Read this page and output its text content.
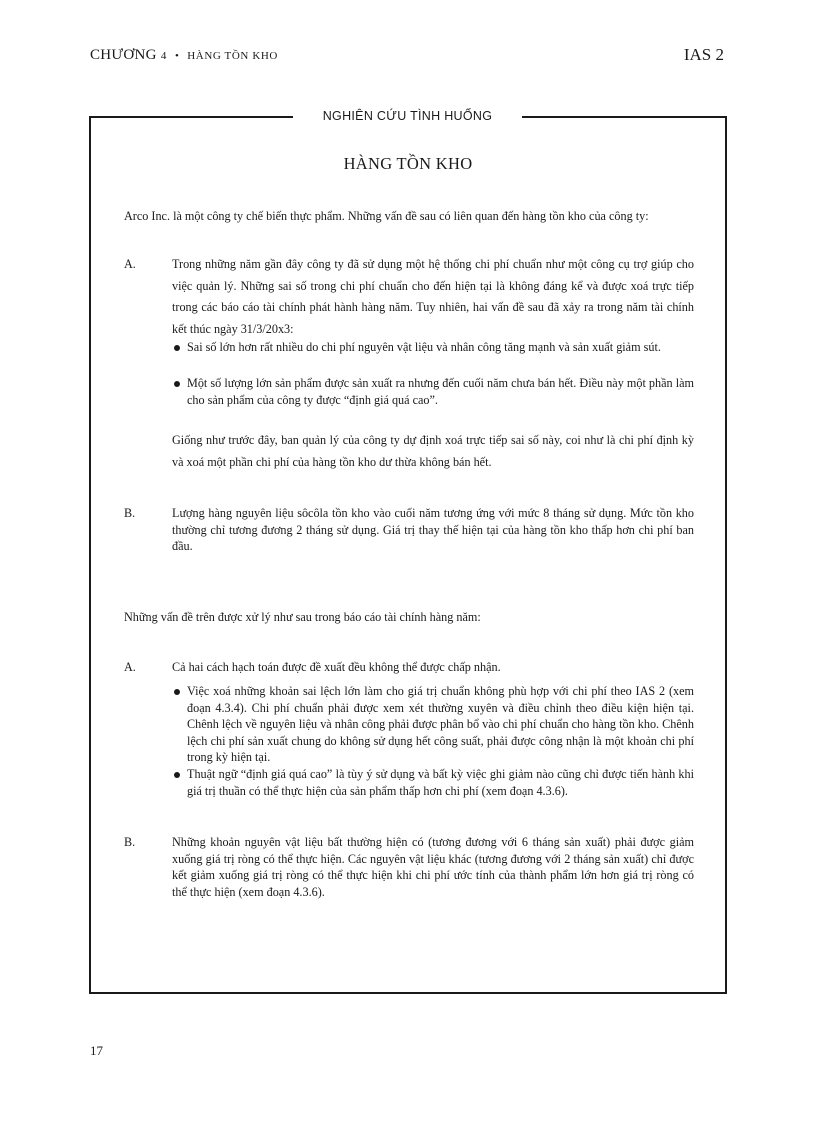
CHƯƠNG 4 • HÀNG TỒN KHO	IAS 2
NGHIÊN CỨU TÌNH HUỐNG
HÀNG TỒN KHO
Arco Inc. là một công ty chế biến thực phẩm. Những vấn đề sau có liên quan đến hàng tồn kho của công ty:
A.	Trong những năm gần đây công ty đã sử dụng một hệ thống chi phí chuẩn như một công cụ trợ giúp cho việc quản lý. Những sai số trong chi phí chuẩn cho đến hiện tại là không đáng kể và được xoá trực tiếp trong các báo cáo tài chính phát hành hàng năm. Tuy nhiên, hai vấn đề sau đã xảy ra trong năm tài chính kết thúc ngày 31/3/20x3:
Sai số lớn hơn rất nhiều do chi phí nguyên vật liệu và nhân công tăng mạnh và sản xuất giảm sút.
Một số lượng lớn sản phẩm được sản xuất ra nhưng đến cuối năm chưa bán hết. Điều này một phần làm cho sản phẩm của công ty được “định giá quá cao”.
Giống như trước đây, ban quản lý của công ty dự định xoá trực tiếp sai số này, coi như là chi phí định kỳ và xoá một phần chi phí của hàng tồn kho dư thừa không bán hết.
B.	Lượng hàng nguyên liệu sôcôla tồn kho vào cuối năm tương ứng với mức 8 tháng sử dụng. Mức tồn kho thường chỉ tương đương 2 tháng sử dụng. Giá trị thay thế hiện tại của hàng tồn kho thấp hơn chi phí ban đầu.
Những vấn đề trên được xử lý như sau trong báo cáo tài chính hàng năm:
A.	Cả hai cách hạch toán được đề xuất đều không thể được chấp nhận.
Việc xoá những khoản sai lệch lớn làm cho giá trị chuẩn không phù hợp với chi phí theo IAS 2 (xem đoạn 4.3.4). Chi phí chuẩn phải được xem xét thường xuyên và điều chỉnh theo điều kiện hiện tại. Chênh lệch về nguyên liệu và nhân công phải được phân bổ vào chi phí chuẩn cho hàng tồn kho. Chênh lệch chi phí sản xuất chung do không sử dụng hết công suất, phải được công nhận là một khoản chi phí trong kỳ hiện tại.
Thuật ngữ “định giá quá cao” là tùy ý sử dụng và bất kỳ việc ghi giảm nào cũng chỉ được tiến hành khi giá trị thuần có thể thực hiện của sản phẩm thấp hơn chi phí (xem đoạn 4.3.6).
B.	Những khoản nguyên vật liệu bất thường hiện có (tương đương với 6 tháng sản xuất) phải được giảm xuống giá trị ròng có thể thực hiện. Các nguyên vật liệu khác (tương đương với 2 tháng sản xuất) chỉ được kết giảm xuống giá trị ròng có thể thực hiện khi chi phí ước tính của thành phẩm lớn hơn giá trị ròng có thể thực hiện (xem đoạn 4.3.6).
17
